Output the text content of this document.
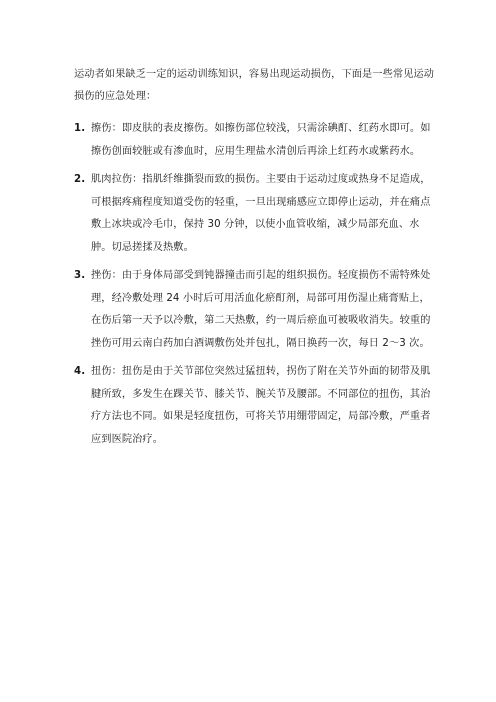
运动者如果缺乏一定的运动训练知识，容易出现运动损伤，下面是一些常见运动损伤的应急处理：

1. 擦伤：即皮肤的表皮擦伤。如擦伤部位较浅，只需涂碘酊、红药水即可。如擦伤创面较脏或有渗血时，应用生理盐水清创后再涂上红药水或紫药水。
2. 肌肉拉伤：指肌纤维撕裂而致的损伤。主要由于运动过度或热身不足造成，可根据疼痛程度知道受伤的轻重，一旦出现痛感应立即停止运动，并在痛点敷上冰块或冷毛巾，保持 30 分钟，以使小血管收缩，减少局部充血、水肿。切忌搓揉及热敷。
3. 挫伤：由于身体局部受到钝器撞击而引起的组织损伤。轻度损伤不需特殊处理，经冷敷处理 24 小时后可用活血化瘀酊剂，局部可用伤湿止痛膏贴上，在伤后第一天予以冷敷，第二天热敷，约一周后瘀血可被吸收消失。较重的挫伤可用云南白药加白酒调敷伤处并包扎，隔日换药一次，每日 2～3 次。
4. 扭伤：扭伤是由于关节部位突然过猛扭转，拐伤了附在关节外面的韧带及肌腱所致，多发生在踝关节、膝关节、腕关节及腰部。不同部位的扭伤，其治疗方法也不同。如果是轻度扭伤，可将关节用绷带固定，局部冷敷，严重者应到医院治疗。
